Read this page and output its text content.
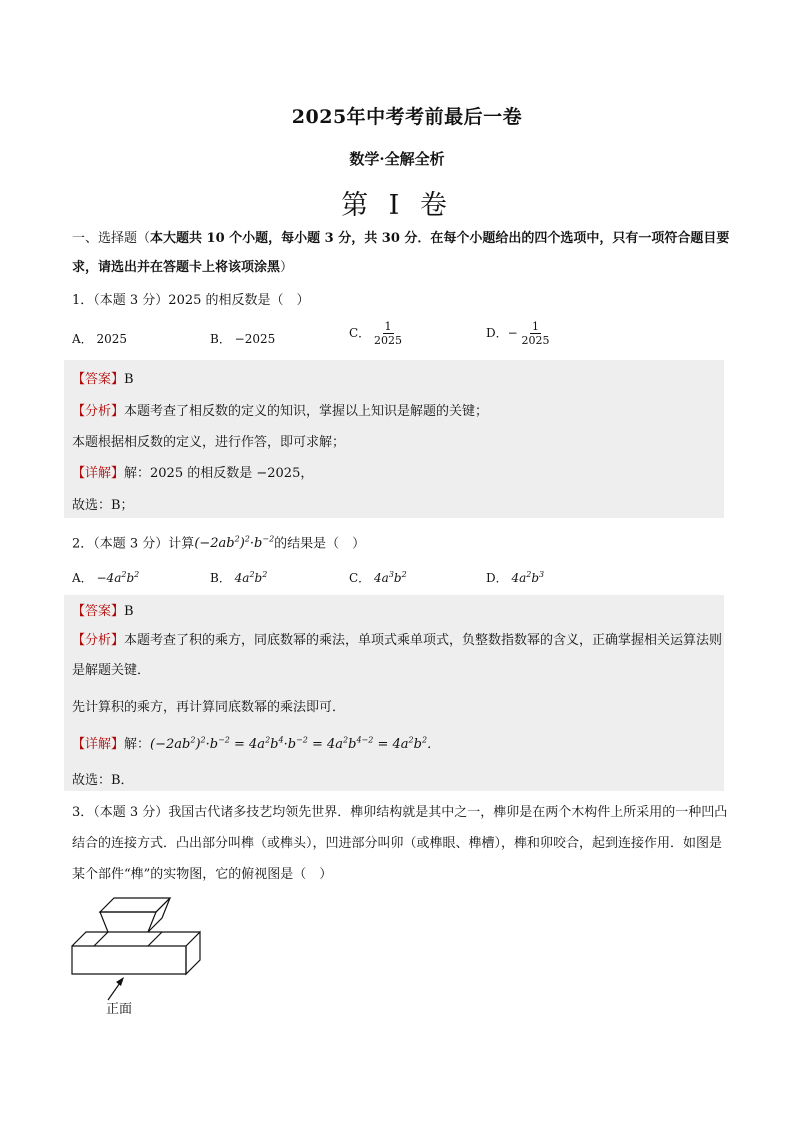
2025年中考考前最后一卷
数学·全解全析
第 I 卷
一、选择题（本大题共 10 个小题，每小题 3 分，共 30 分．在每个小题给出的四个选项中，只有一项符合题目要求，请选出并在答题卡上将该项涂黑）
1．（本题 3 分）2025 的相反数是（　）
A． 2025	B． −2025	C． $\frac{1}{2025}$	D．− $\frac{1}{2025}$
【答案】B
【分析】本题考查了相反数的定义的知识，掌握以上知识是解题的关键；
本题根据相反数的定义，进行作答，即可求解；
【详解】解：2025 的相反数是 −2025，
故选：B；
2．（本题 3 分）计算$(-2ab^2)^2\cdot b^{-2}$的结果是（　）
A． $-4a^2b^2$	B． $4a^2b^2$	C． $4a^3b^2$	D． $4a^2b^3$
【答案】B
【分析】本题考查了积的乘方，同底数幂的乘法，单项式乘单项式，负整数指数幂的含义，正确掌握相关运算法则是解题关键．
先计算积的乘方，再计算同底数幂的乘法即可．
【详解】解：$(-2ab^2)^2\cdot b^{-2} = 4a^2b^4\cdot b^{-2} = 4a^2b^{4-2} = 4a^2b^2$．
故选：B．
3．（本题 3 分）我国古代诸多技艺均领先世界．榫卯结构就是其中之一，榫卯是在两个木构件上所采用的一种凹凸结合的连接方式．凸出部分叫榫（或榫头），凹进部分叫卯（或榫眼、榫槽），榫和卯咬合，起到连接作用．如图是某个部件“榫”的实物图，它的俯视图是（　）
正面
